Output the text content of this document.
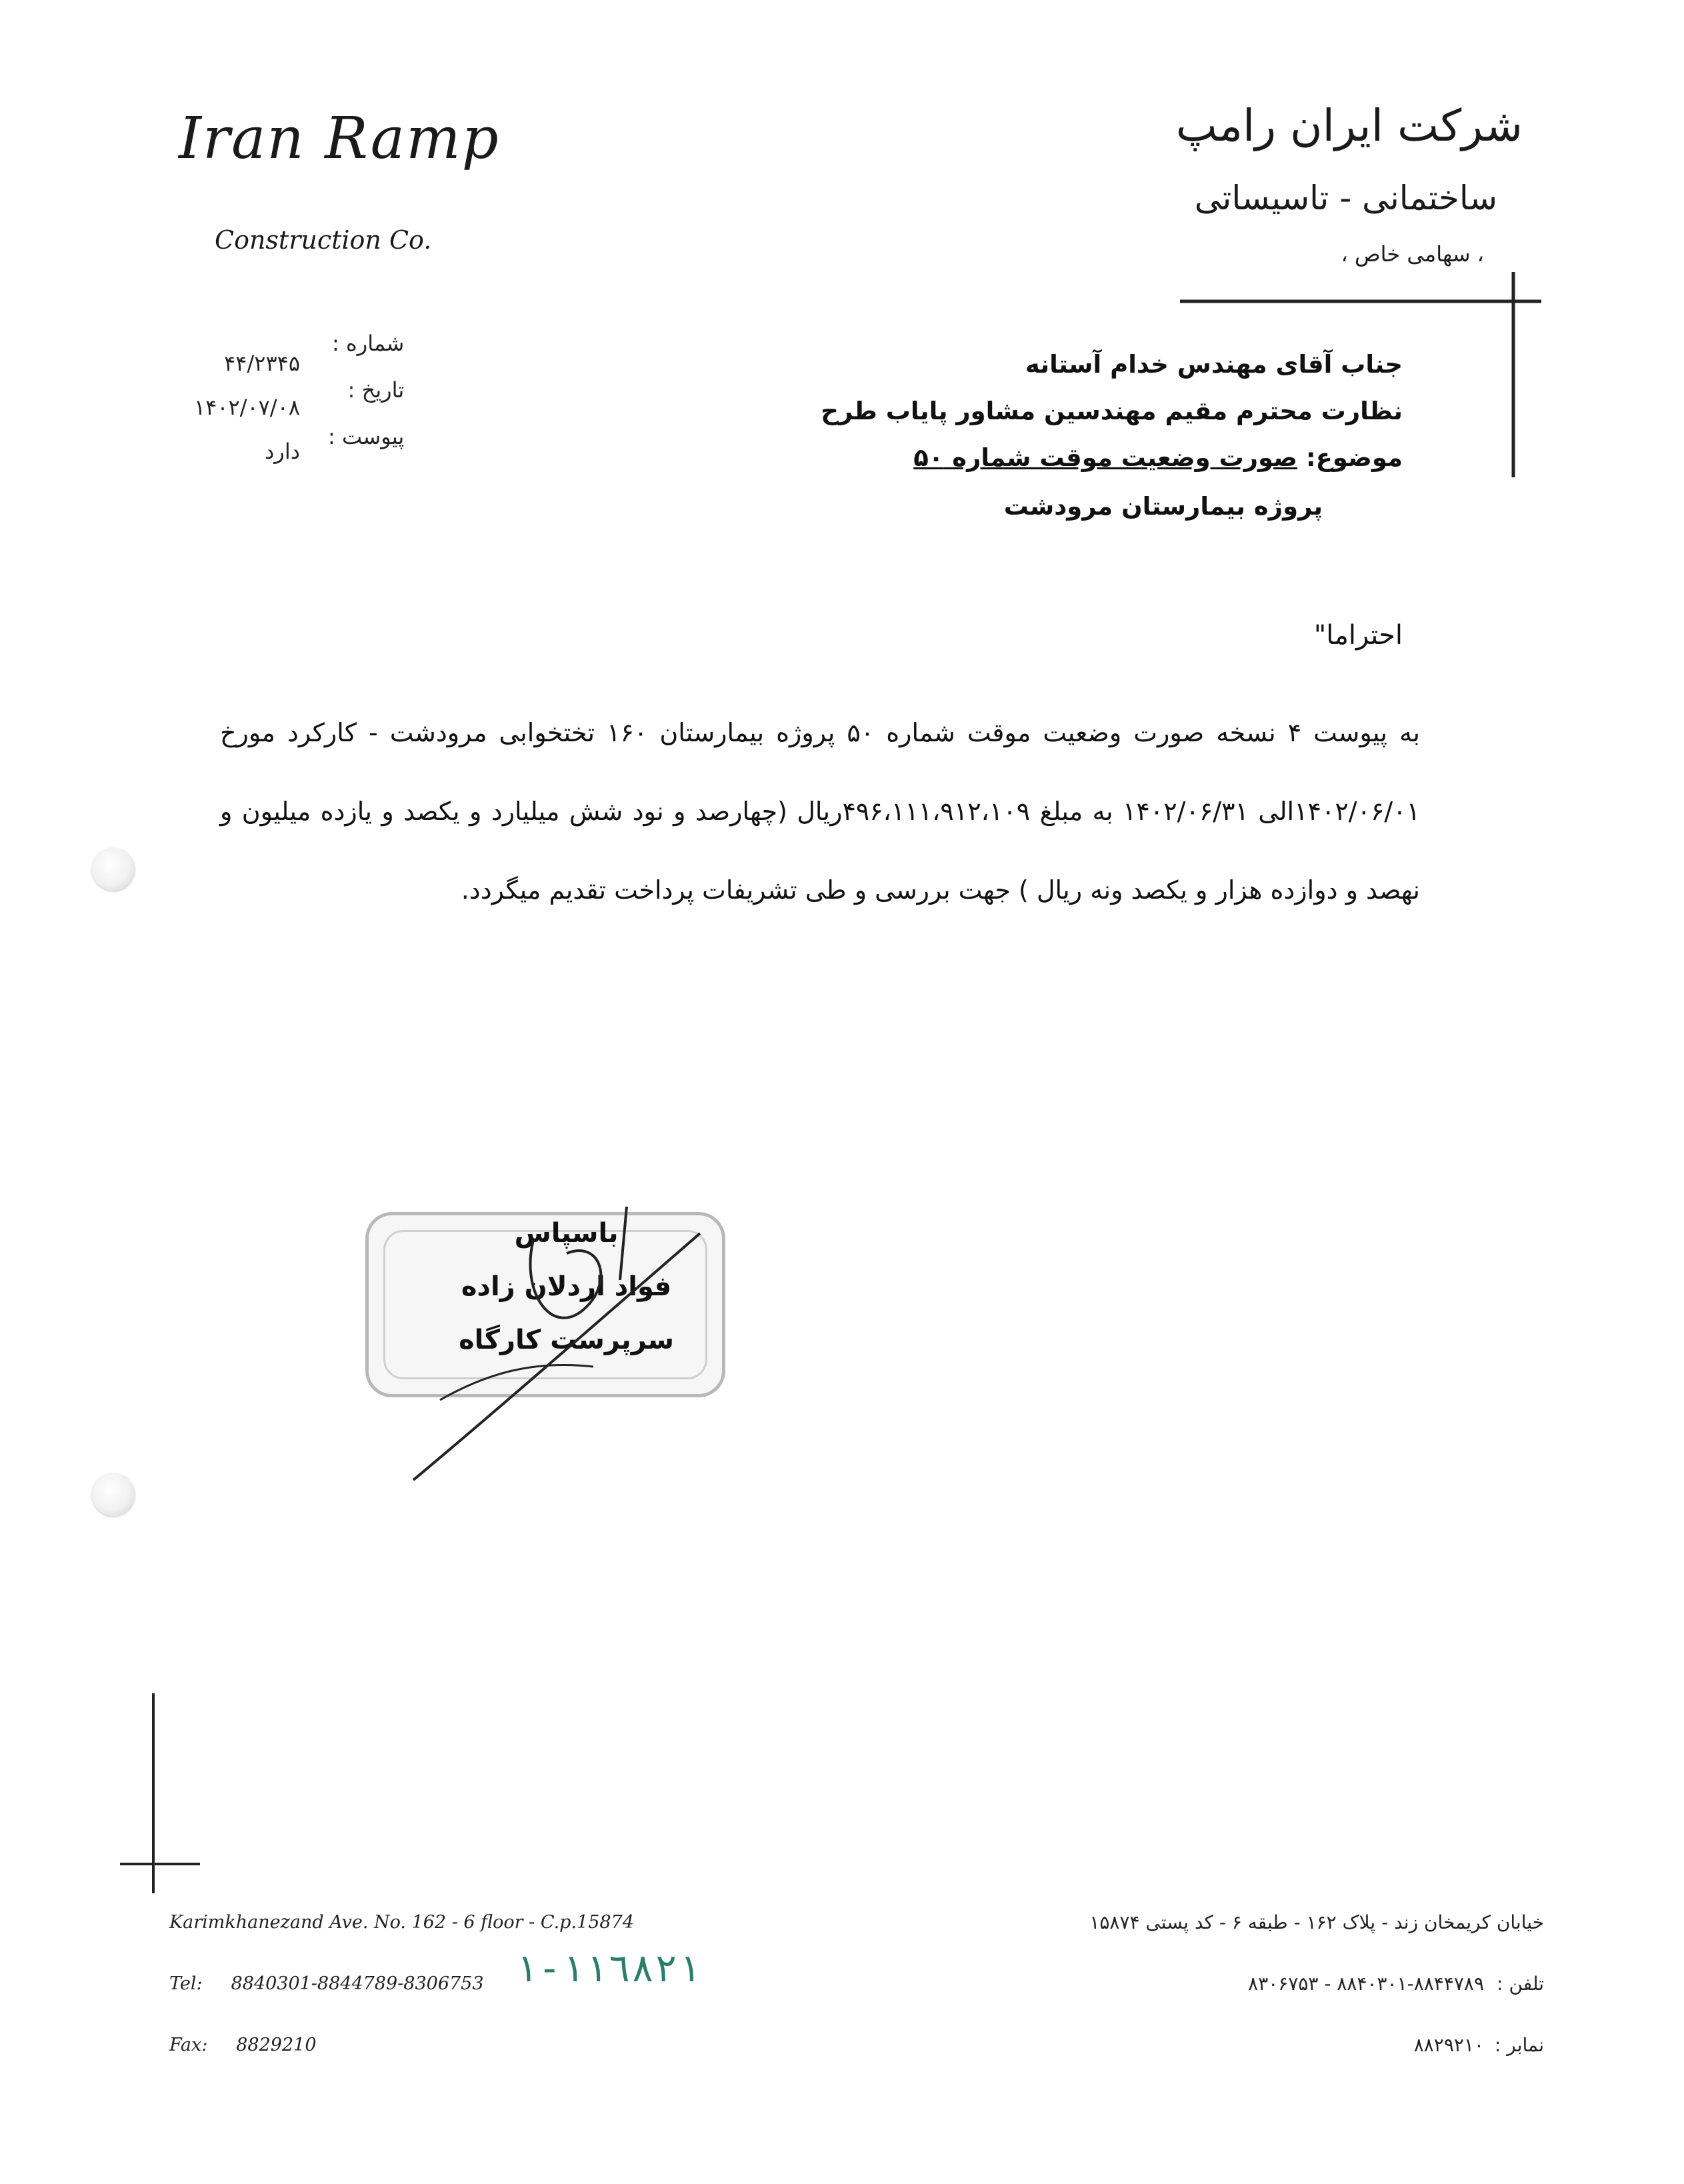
Iran Ramp
Construction Co.
شرکت ایران رامپ
ساختمانی - تاسیساتی
، سهامی خاص ،
شماره :
تاریخ :
پیوست :
۴۴/۲۳۴۵
۱۴۰۲/۰۷/۰۸
دارد
جناب آقای مهندس خدام آستانه
نظارت محترم مقیم مهندسین مشاور پایاب طرح
موضوع: صورت وضعیت موقت شماره ۵۰
پروژه بیمارستان مرودشت
احتراما"
به پیوست ۴ نسخه صورت وضعیت موقت شماره ۵۰ پروژه بیمارستان ۱۶۰ تختخوابی مرودشت - کارکرد مورخ ۱۴۰۲/۰۶/۰۱الی ۱۴۰۲/۰۶/۳۱ به مبلغ ۴۹۶،۱۱۱،۹۱۲،۱۰۹ریال (چهارصد و نود شش میلیارد و یکصد و یازده میلیون و نهصد و دوازده هزار و یکصد ونه ریال ) جهت بررسی و طی تشریفات پرداخت تقدیم میگردد.
باسپاس
فواد اردلان زاده
سرپرست کارگاه
Karimkhanezand Ave. No. 162 - 6 floor - C.p.15874
Tel: 8840301-8844789-8306753
Fax: 8829210
١١٦٨٢١-١
خیابان کریمخان زند - پلاک ۱۶۲ - طبقه ۶ - کد پستی ۱۵۸۷۴
تلفن :
نمابر :
۸۸۴۰۳۰۱-۸۸۴۴۷۸۹ - ۸۳۰۶۷۵۳
۸۸۲۹۲۱۰
